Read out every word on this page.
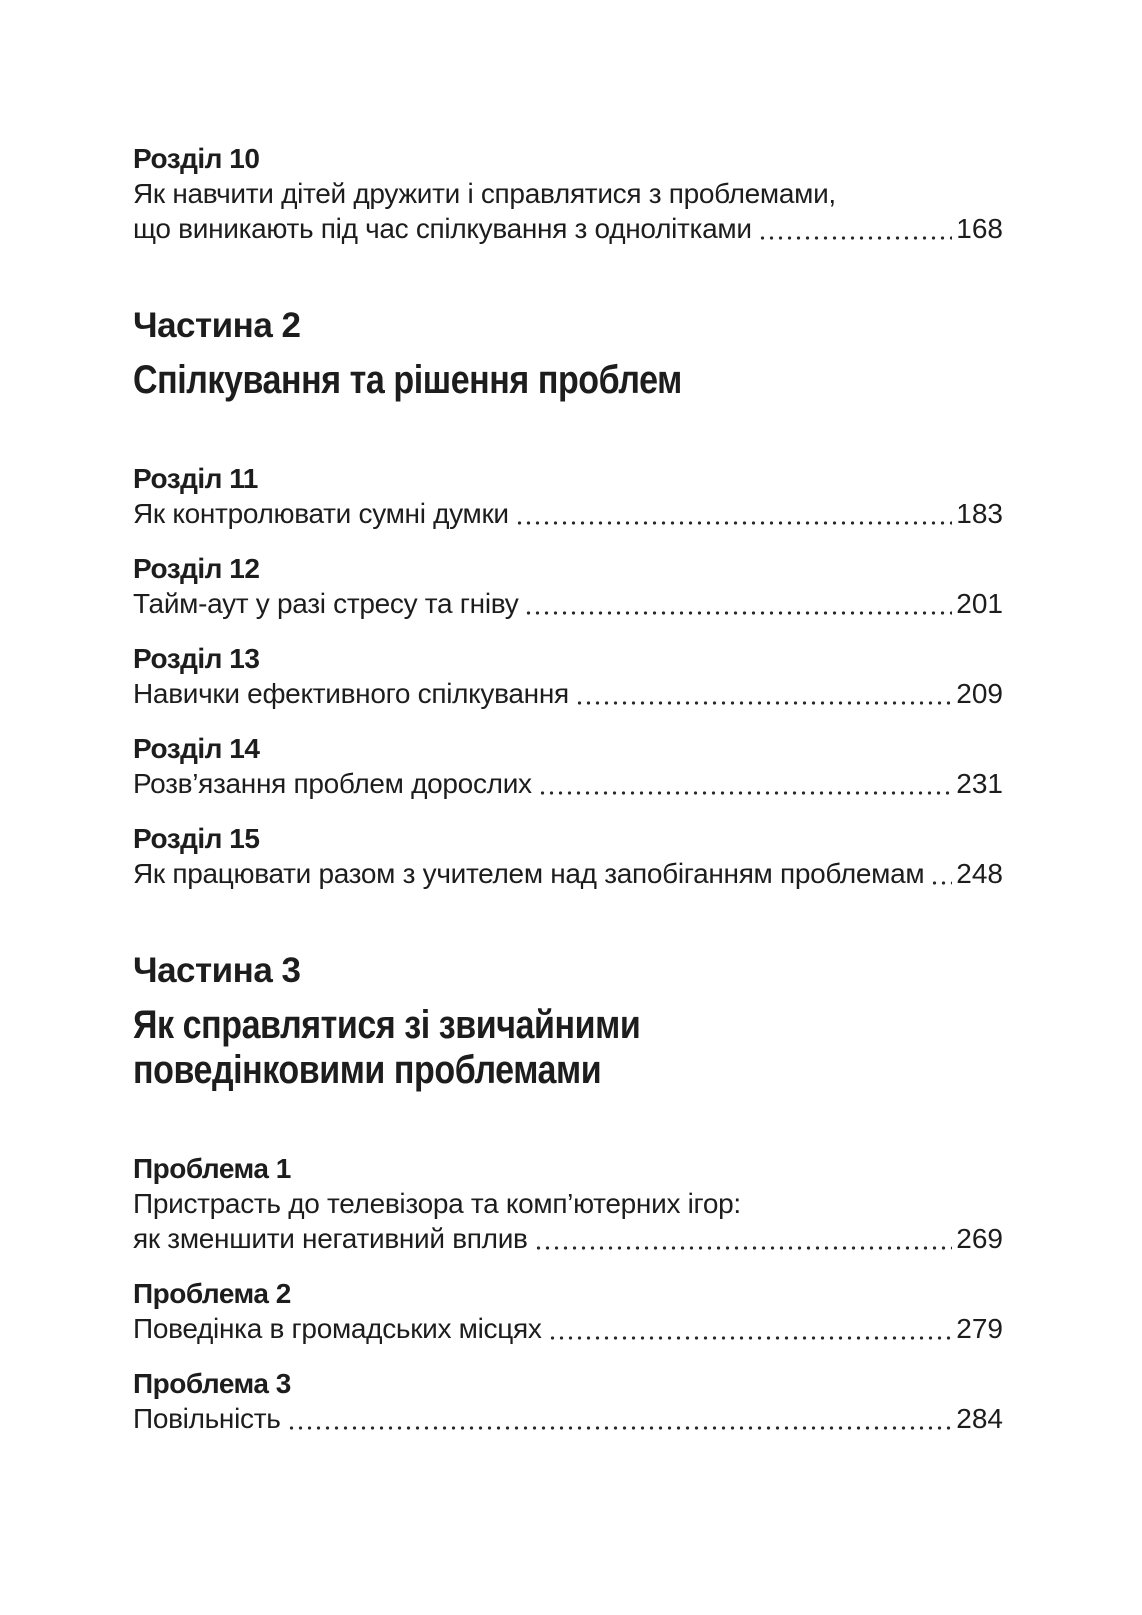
Розділ 10
Як навчити дітей дружити і справлятися з проблемами,
що виникають під час спілкування з однолітками	168
Частина 2
Спілкування та рішення проблем
Розділ 11
Як контролювати сумні думки	183
Розділ 12
Тайм-аут у разі стресу та гніву	201
Розділ 13
Навички ефективного спілкування	209
Розділ 14
Розв’язання проблем дорослих	231
Розділ 15
Як працювати разом з учителем над запобіганням проблемам 248
Частина 3
Як справлятися зі звичайними
поведінковими проблемами
Проблема 1
Пристрасть до телевізора та комп’ютерних ігор:
як зменшити негативний вплив	269
Проблема 2
Поведінка в громадських місцях	279
Проблема 3
Повільність	284
